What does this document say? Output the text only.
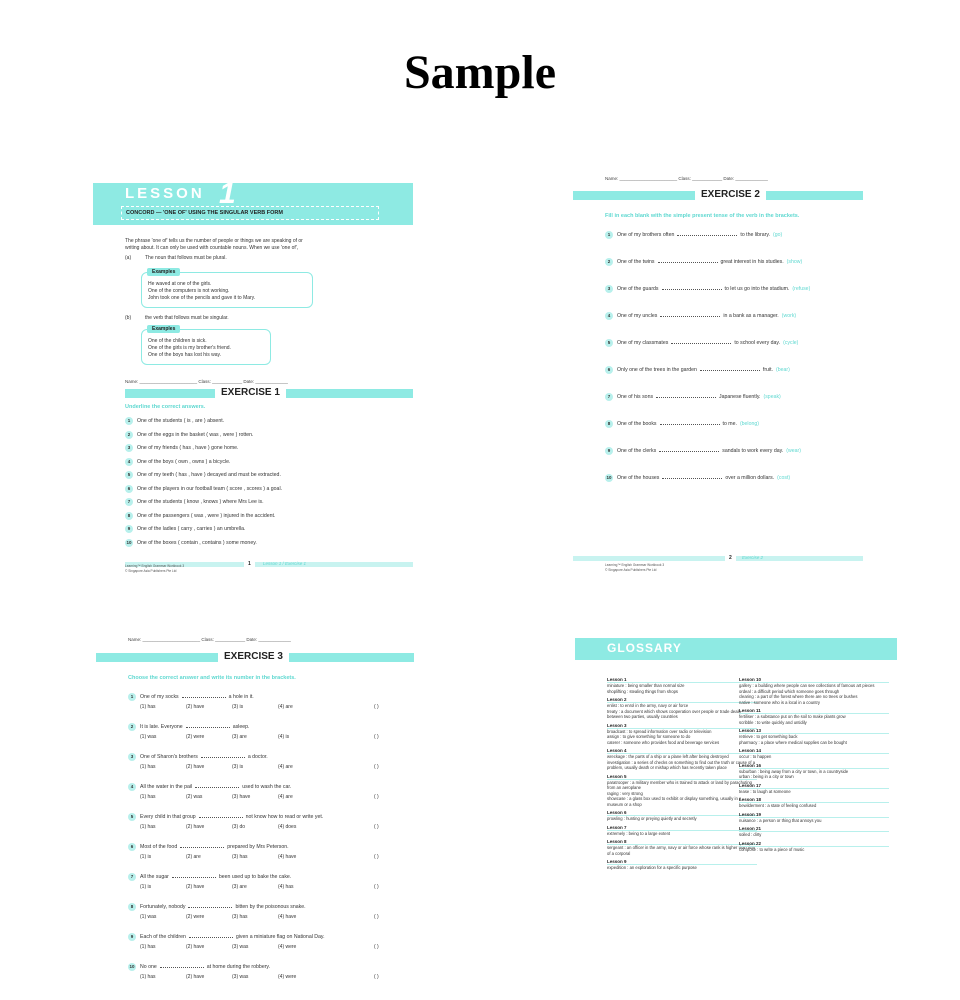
Sample
LESSON 1
CONCORD — 'ONE OF' USING THE SINGULAR VERB FORM
The phrase 'one of' tells us the number of people or things we are speaking of or
writing about. It can only be used with countable nouns. When we use 'one of',
(a)	The noun that follows must be plural.
Examples
He waved at one of the girls.
One of the computers is not working.
John took one of the pencils and gave it to Mary.
(b)	the verb that follows must be singular.
Examples
One of the children is sick.
One of the girls is my brother's friend.
One of the boys has lost his way.
Name: _______________________ Class: ____________ Date: _____________
EXERCISE 1
Underline the correct answers.
1 One of the students ( is , are ) absent.
2 One of the eggs in the basket ( was , were ) rotten.
3 One of my friends ( has , have ) gone home.
4 One of the boys ( own , owns ) a bicycle.
5 One of my teeth ( has , have ) decayed and must be extracted.
6 One of the players in our football team ( score , scores ) a goal.
7 One of the students ( know , knows ) where Mrs Lee is.
8 One of the passengers ( was , were ) injured in the accident.
9 One of the ladies ( carry , carries ) an umbrella.
10 One of the boxes ( contain , contains ) some money.
1	Lesson 1 / Exercise 1
Learning™ English Grammar Workbook 3
© Singapore Asia Publishers Pte Ltd
Name: _______________________ Class: ____________ Date: _____________
EXERCISE 2
Fill in each blank with the simple present tense of the verb in the brackets.
1 One of my brothers often	to the library. (go)
2 One of the twins	great interest in his studies. (show)
3 One of the guards	to let us go into the stadium. (refuse)
4 One of my uncles	in a bank as a manager. (work)
5 One of my classmates	to school every day. (cycle)
6 Only one of the trees in the garden	fruit. (bear)
7 One of his sons	Japanese fluently. (speak)
8 One of the books	to me. (belong)
9 One of the clerks	sandals to work every day. (wear)
10 One of the houses	over a million dollars. (cost)
2	Exercise 2
Learning™ English Grammar Workbook 3
© Singapore Asia Publishers Pte Ltd
Name: _______________________ Class: ____________ Date: _____________
EXERCISE 3
Choose the correct answer and write its number in the brackets.
1 One of my socks	a hole in it.
(1) has	(2) have	(3) is	(4) are	( )
2 It is late. Everyone	asleep.
(1) was	(2) were	(3) are	(4) is	( )
3 One of Sharon's brothers	a doctor.
(1) has	(2) have	(3) is	(4) are	( )
4 All the water in the pail	used to wash the car.
(1) has	(2) was	(3) have	(4) are	( )
5 Every child in that group	not know how to read or write yet.
(1) has	(2) have	(3) do	(4) does	( )
6 Most of the food	prepared by Mrs Peterson.
(1) is	(2) are	(3) has	(4) have	( )
7 All the sugar	been used up to bake the cake.
(1) is	(2) have	(3) are	(4) has	( )
8 Fortunately, nobody	bitten by the poisonous snake.
(1) was	(2) were	(3) has	(4) have	( )
9 Each of the children	given a miniature flag on National Day.
(1) has	(2) have	(3) was	(4) were	( )
10 No one	at home during the robbery.
(1) has	(2) have	(3) was	(4) were	( )
GLOSSARY
Lesson 1
miniature : being smaller than normal size
shoplifting : stealing things from shops
Lesson 2
enlist : to enrol in the army, navy or air force
treaty : a document which shows cooperation over people or trade deals between two parties, usually countries
Lesson 3
broadcast : to spread information over radio or television
assign : to give something for someone to do
caterer : someone who provides food and beverage services
Lesson 4
wreckage : the parts of a ship or a plane left after being destroyed
investigation : a series of checks on something to find out the truth or cause of a problem, usually death or mishap which has recently taken place
Lesson 5
paratrooper : a military member who is trained to attack or land by parachuting from an aeroplane
raging : very strong
showcase : a glass box used to exhibit or display something, usually in a museum or a shop
Lesson 6
prowling : hunting or preying quietly and secretly
Lesson 7
extremely : being to a large extent
Lesson 8
sergeant : an officer in the army, navy or air force whose rank is higher than that of a corporal
Lesson 9
expedition : an exploration for a specific purpose
Lesson 10
gallery : a building where people can see collections of famous art pieces
ordeal : a difficult period which someone goes through
clearing : a part of the forest where there are no trees or bushes
native : someone who is a local in a country
Lesson 11
fertiliser : a substance put on the soil to make plants grow
scribble : to write quickly and untidily
Lesson 13
retrieve : to get something back
pharmacy : a place where medical supplies can be bought
Lesson 14
occur : to happen
Lesson 16
suburban : being away from a city or town, in a countryside
urban : being in a city or town
Lesson 17
tease : to laugh at someone
Lesson 18
bewilderment : a state of feeling confused
Lesson 19
nuisance : a person or thing that annoys you
Lesson 21
soiled : dirty
Lesson 22
compose : to write a piece of music
